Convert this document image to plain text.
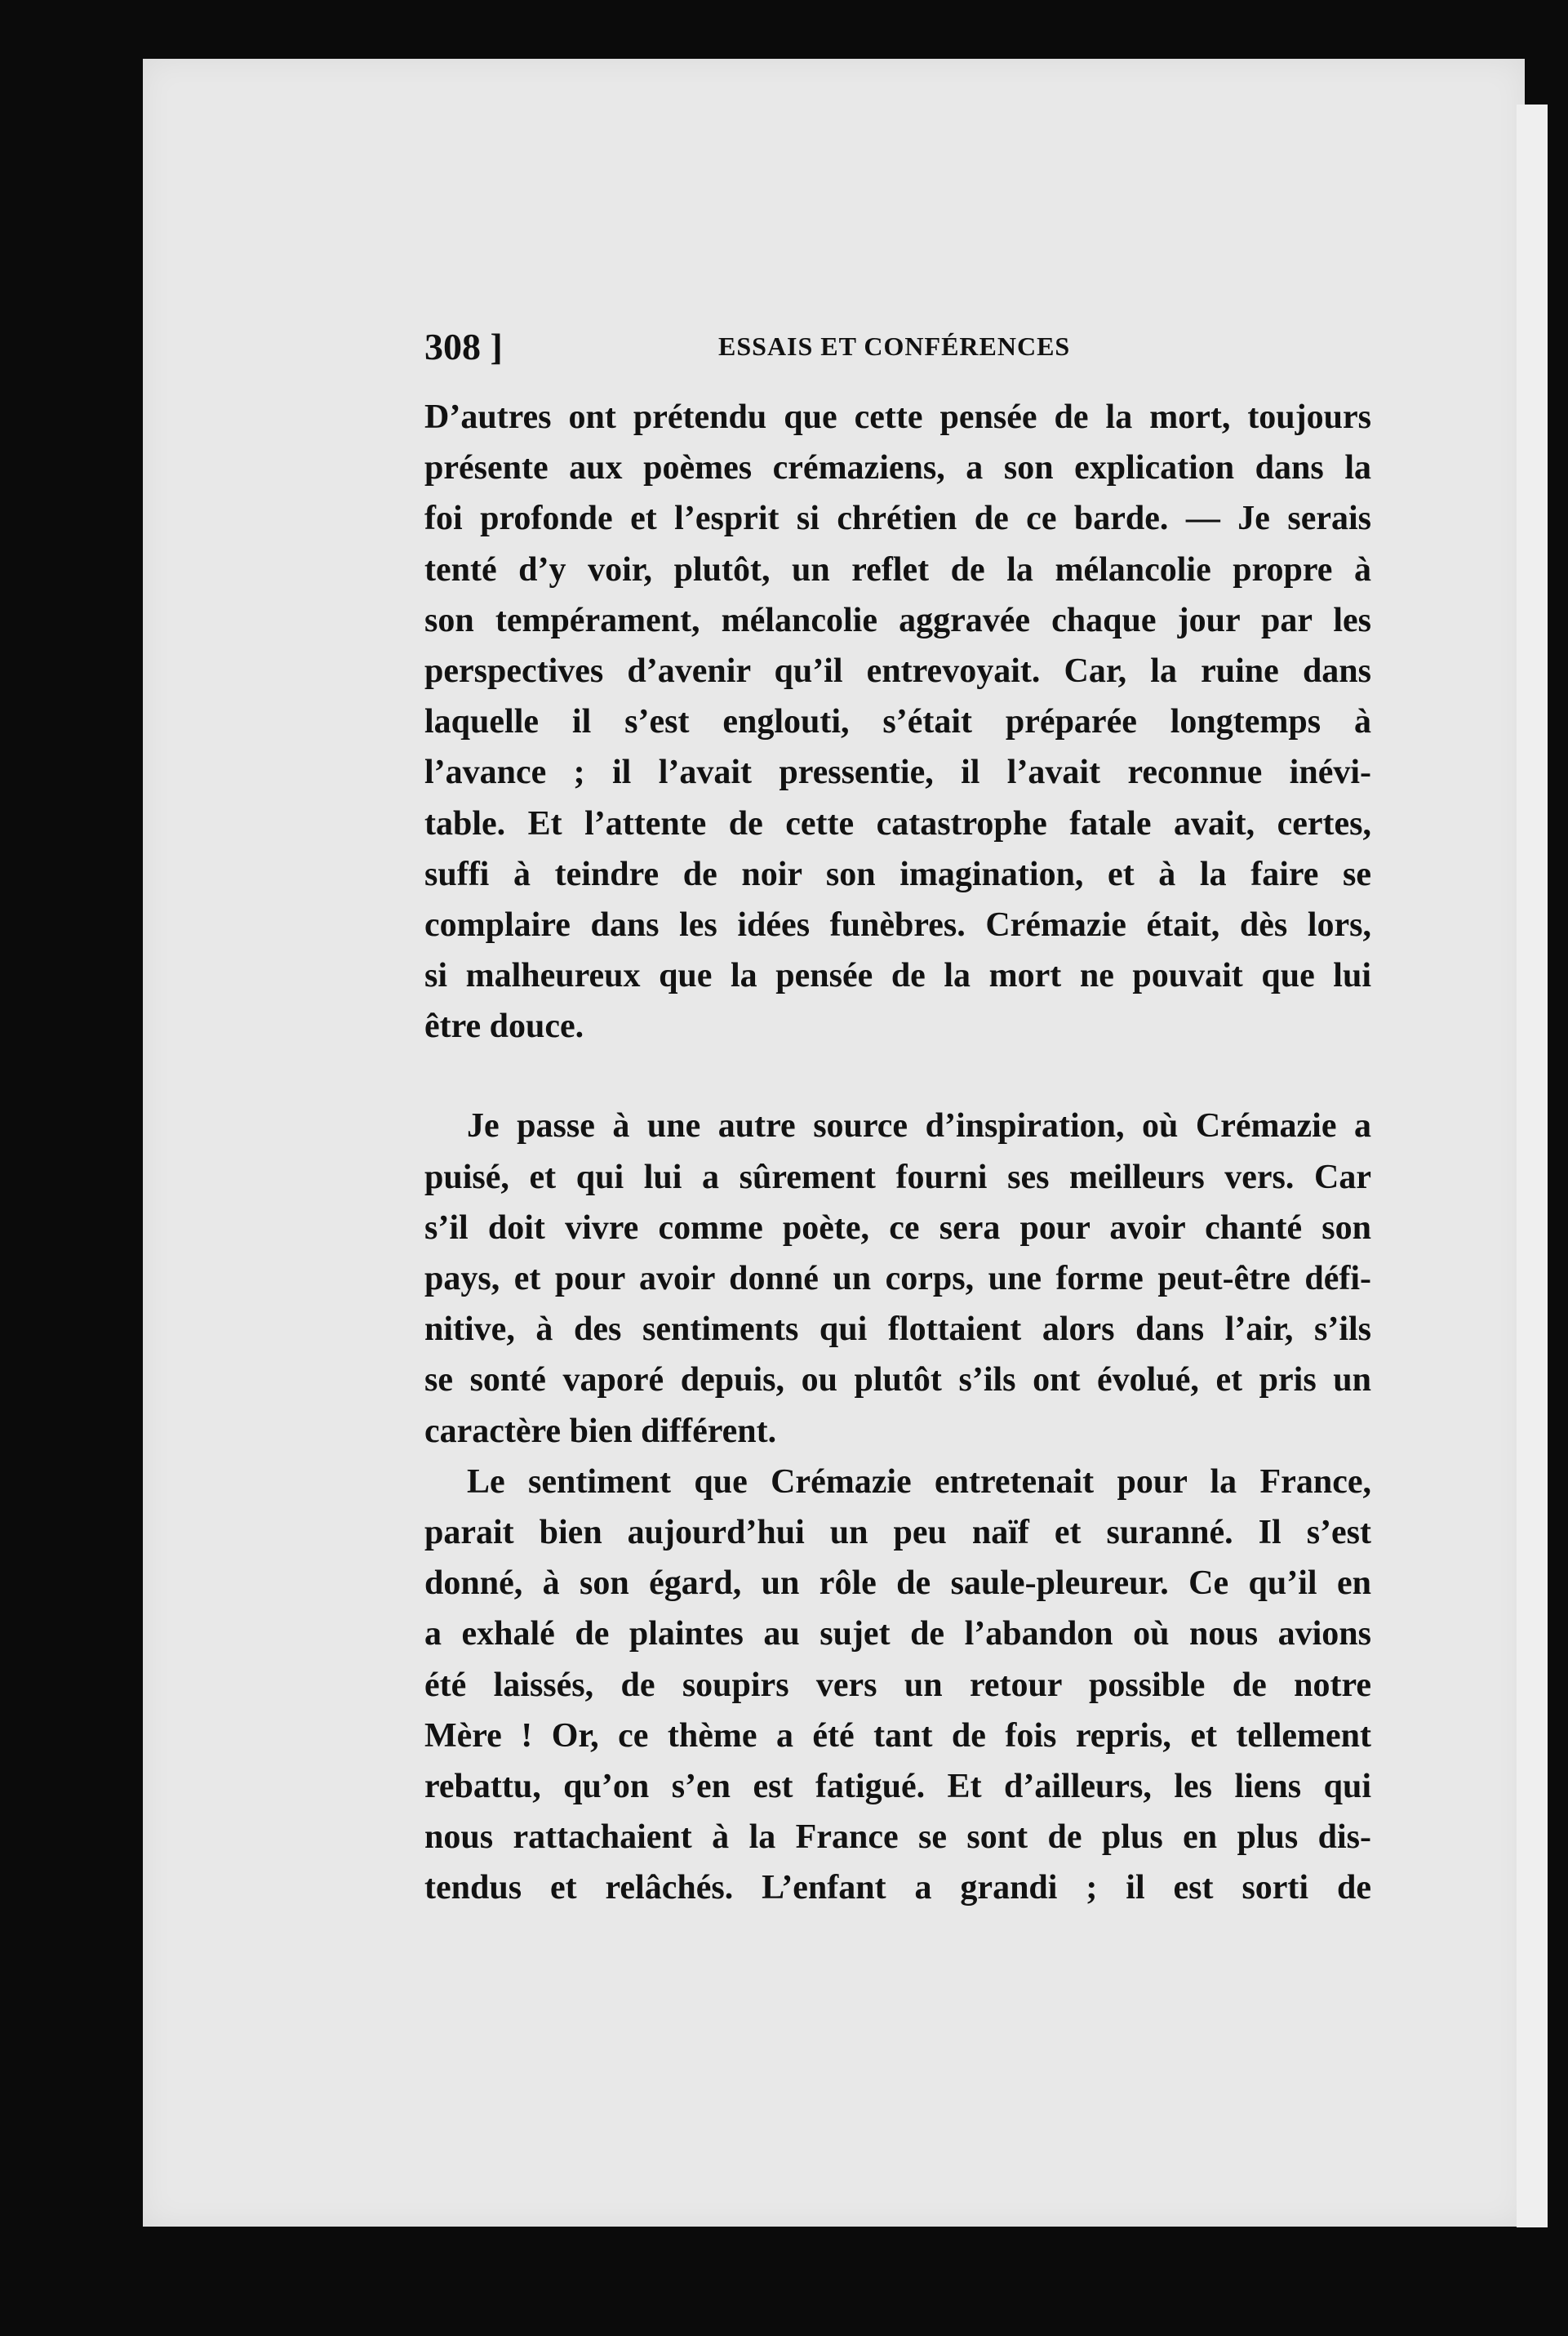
308 ]	ESSAIS ET CONFÉRENCES
D’autres ont prétendu que cette pensée de la mort, toujours
présente aux poèmes crémaziens, a son explication dans la
foi profonde et l’esprit si chrétien de ce barde. — Je serais
tenté d’y voir, plutôt, un reflet de la mélancolie propre à
son tempérament, mélancolie aggravée chaque jour par les
perspectives d’avenir qu’il entrevoyait. Car, la ruine dans
laquelle il s’est englouti, s’était préparée longtemps à
l’avance ; il l’avait pressentie, il l’avait reconnue inévi-
table. Et l’attente de cette catastrophe fatale avait, certes,
suffi à teindre de noir son imagination, et à la faire se
complaire dans les idées funèbres. Crémazie était, dès lors,
si malheureux que la pensée de la mort ne pouvait que lui
être douce.
Je passe à une autre source d’inspiration, où Crémazie a
puisé, et qui lui a sûrement fourni ses meilleurs vers. Car
s’il doit vivre comme poète, ce sera pour avoir chanté son
pays, et pour avoir donné un corps, une forme peut-être défi-
nitive, à des sentiments qui flottaient alors dans l’air, s’ils
se sonté vaporé depuis, ou plutôt s’ils ont évolué, et pris un
caractère bien différent.
Le sentiment que Crémazie entretenait pour la France,
parait bien aujourd’hui un peu naïf et suranné. Il s’est
donné, à son égard, un rôle de saule-pleureur. Ce qu’il en
a exhalé de plaintes au sujet de l’abandon où nous avions
été laissés, de soupirs vers un retour possible de notre
Mère ! Or, ce thème a été tant de fois repris, et tellement
rebattu, qu’on s’en est fatigué. Et d’ailleurs, les liens qui
nous rattachaient à la France se sont de plus en plus dis-
tendus et relâchés. L’enfant a grandi ; il est sorti de
